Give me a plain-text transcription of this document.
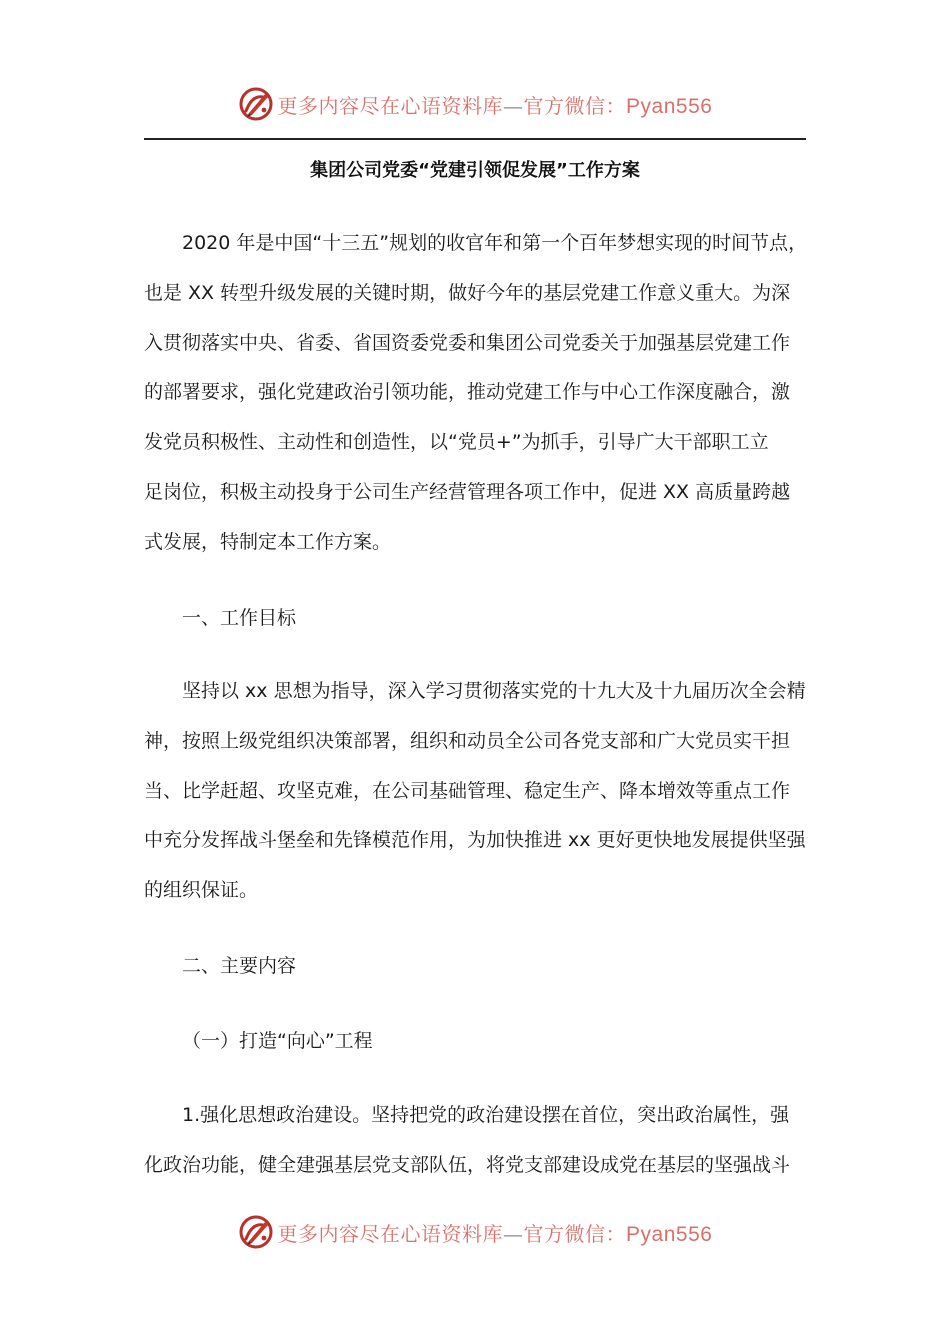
更多内容尽在心语资料库—官方微信：Pyan556
集团公司党委“党建引领促发展”工作方案
2020 年是中国“十三五”规划的收官年和第一个百年梦想实现的时间节点，
也是 XX 转型升级发展的关键时期，做好今年的基层党建工作意义重大。为深
入贯彻落实中央、省委、省国资委党委和集团公司党委关于加强基层党建工作
的部署要求，强化党建政治引领功能，推动党建工作与中心工作深度融合，激
发党员积极性、主动性和创造性，以“党员+”为抓手，引导广大干部职工立
足岗位，积极主动投身于公司生产经营管理各项工作中，促进 XX 高质量跨越
式发展，特制定本工作方案。
一、工作目标
坚持以 xx 思想为指导，深入学习贯彻落实党的十九大及十九届历次全会精
神，按照上级党组织决策部署，组织和动员全公司各党支部和广大党员实干担
当、比学赶超、攻坚克难，在公司基础管理、稳定生产、降本增效等重点工作
中充分发挥战斗堡垒和先锋模范作用，为加快推进 xx 更好更快地发展提供坚强
的组织保证。
二、主要内容
（一）打造“向心”工程
1.强化思想政治建设。坚持把党的政治建设摆在首位，突出政治属性，强
化政治功能，健全建强基层党支部队伍，将党支部建设成党在基层的坚强战斗
更多内容尽在心语资料库—官方微信：Pyan556
